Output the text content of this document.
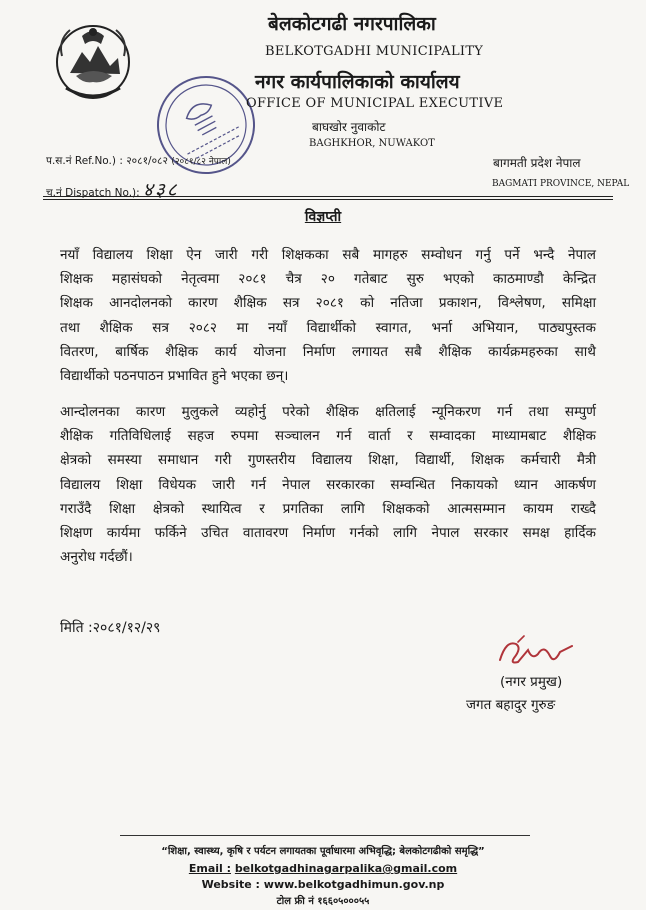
बेलकोटगढी नगरपालिका
BELKOTGADHI MUNICIPALITY
नगर कार्यपालिकाको कार्यालय
OFFICE OF MUNICIPAL EXECUTIVE
बाघखोर नुवाकोट
BAGHKHOR, NUWAKOT
प.स.नं Ref.No.) : २०८१/०८२ (२०८१/८२ नेपाल)
च.नं Dispatch No.): ४३८
बागमती प्रदेश नेपाल
BAGMATI PROVINCE, NEPAL
विज्ञप्ती
नयाँ विद्यालय शिक्षा ऐन जारी गरी शिक्षकका सबै मागहरु सम्वोधन गर्नु पर्ने भन्दै नेपाल
शिक्षक महासंघको नेतृत्वमा २०८१ चैत्र २० गतेबाट सुरु भएको काठमाण्डौ केन्द्रित
शिक्षक आनदोलनको कारण शैक्षिक सत्र २०८१ को नतिजा प्रकाशन, विश्लेषण, समिक्षा
तथा शैक्षिक सत्र २०८२ मा नयाँ विद्यार्थीको स्वागत, भर्ना अभियान, पाठ्यपुस्तक
वितरण, बार्षिक शैक्षिक कार्य योजना निर्माण लगायत सबै शैक्षिक कार्यक्रमहरुका साथै
विद्यार्थीको पठनपाठन प्रभावित हुने भएका छन्।
आन्दोलनका कारण मुलुकले व्यहोर्नु परेको शैक्षिक क्षतिलाई न्यूनिकरण गर्न तथा सम्पुर्ण
शैक्षिक गतिविधिलाई सहज रुपमा सञ्चालन गर्न वार्ता र सम्वादका माध्यामबाट शैक्षिक
क्षेत्रको समस्या समाधान गरी गुणस्तरीय विद्यालय शिक्षा, विद्यार्थी, शिक्षक कर्मचारी मैत्री
विद्यालय शिक्षा विधेयक जारी गर्न नेपाल सरकारका सम्वन्धित निकायको ध्यान आकर्षण
गराउँदै शिक्षा क्षेत्रको स्थायित्व र प्रगतिका लागि शिक्षकको आत्मसम्मान कायम राख्दै
शिक्षण कार्यमा फर्किने उचित वातावरण निर्माण गर्नको लागि नेपाल सरकार समक्ष हार्दिक
अनुरोध गर्दछौं।
मिति :२०८१/१२/२९
(नगर प्रमुख)
जगत बहादुर गुरुङ
“शिक्षा, स्वास्थ्य, कृषि र पर्यटन लगायतका पूर्वाधारमा अभिवृद्धि; बेलकोटगढीको समृद्धि”
Email : belkotgadhinagarpalika@gmail.com
Website : www.belkotgadhimun.gov.np
टोल फ्री नं १६६०५०००५५
